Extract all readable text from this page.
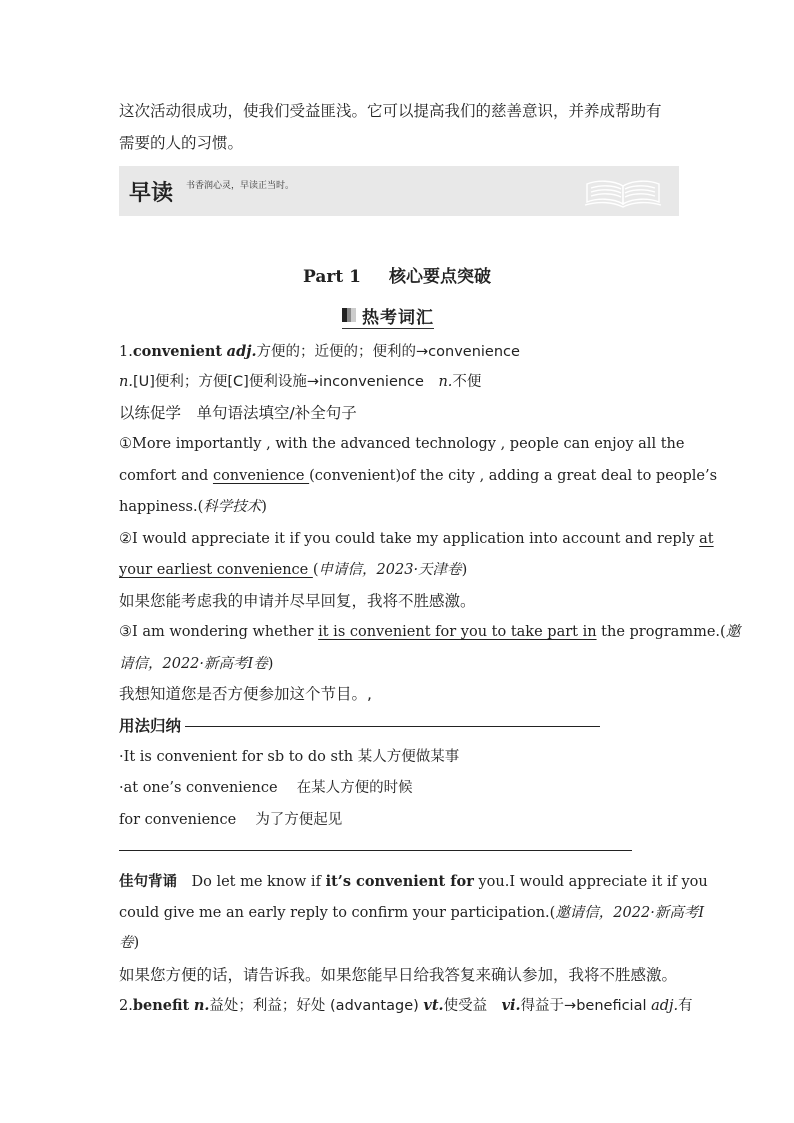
这次活动很成功，使我们受益匪浅。它可以提高我们的慈善意识，并养成帮助有
需要的人的习惯。
早读 书香润心灵，早读正当时。
Part 1 核心要点突破
热考词汇
1.convenient adj.方便的；近便的；便利的→convenience
n.[U]便利；方便[C]便利设施→inconvenience　 n.不便
以练促学　单句语法填空/补全句子
①More importantly , with the advanced technology , people can enjoy all the
comfort and convenience (convenient)of the city , adding a great deal to people’s
happiness.(科学技术)
②I would appreciate it if you could take my application into account and reply at
your earliest convenience (申请信，2023·天津卷)
如果您能考虑我的申请并尽早回复，我将不胜感激。
③I am wondering whether it is convenient for you to take part in the programme.(邀
请信，2022·新高考Ⅰ卷)
我想知道您是否方便参加这个节目。,
用法归纳
·It is convenient for sb to do sth 某人方便做某事
·at one’s convenience　 在某人方便的时候
for convenience　 为了方便起见
佳句背诵　 Do let me know if it’s convenient for you.I would appreciate it if you
could give me an early reply to confirm your participation.(邀请信，2022·新高考Ⅰ
卷)
如果您方便的话，请告诉我。如果您能早日给我答复来确认参加，我将不胜感激。
2.benefit n.益处；利益；好处 (advantage) vt.使受益　vi.得益于→beneficial adj.有
